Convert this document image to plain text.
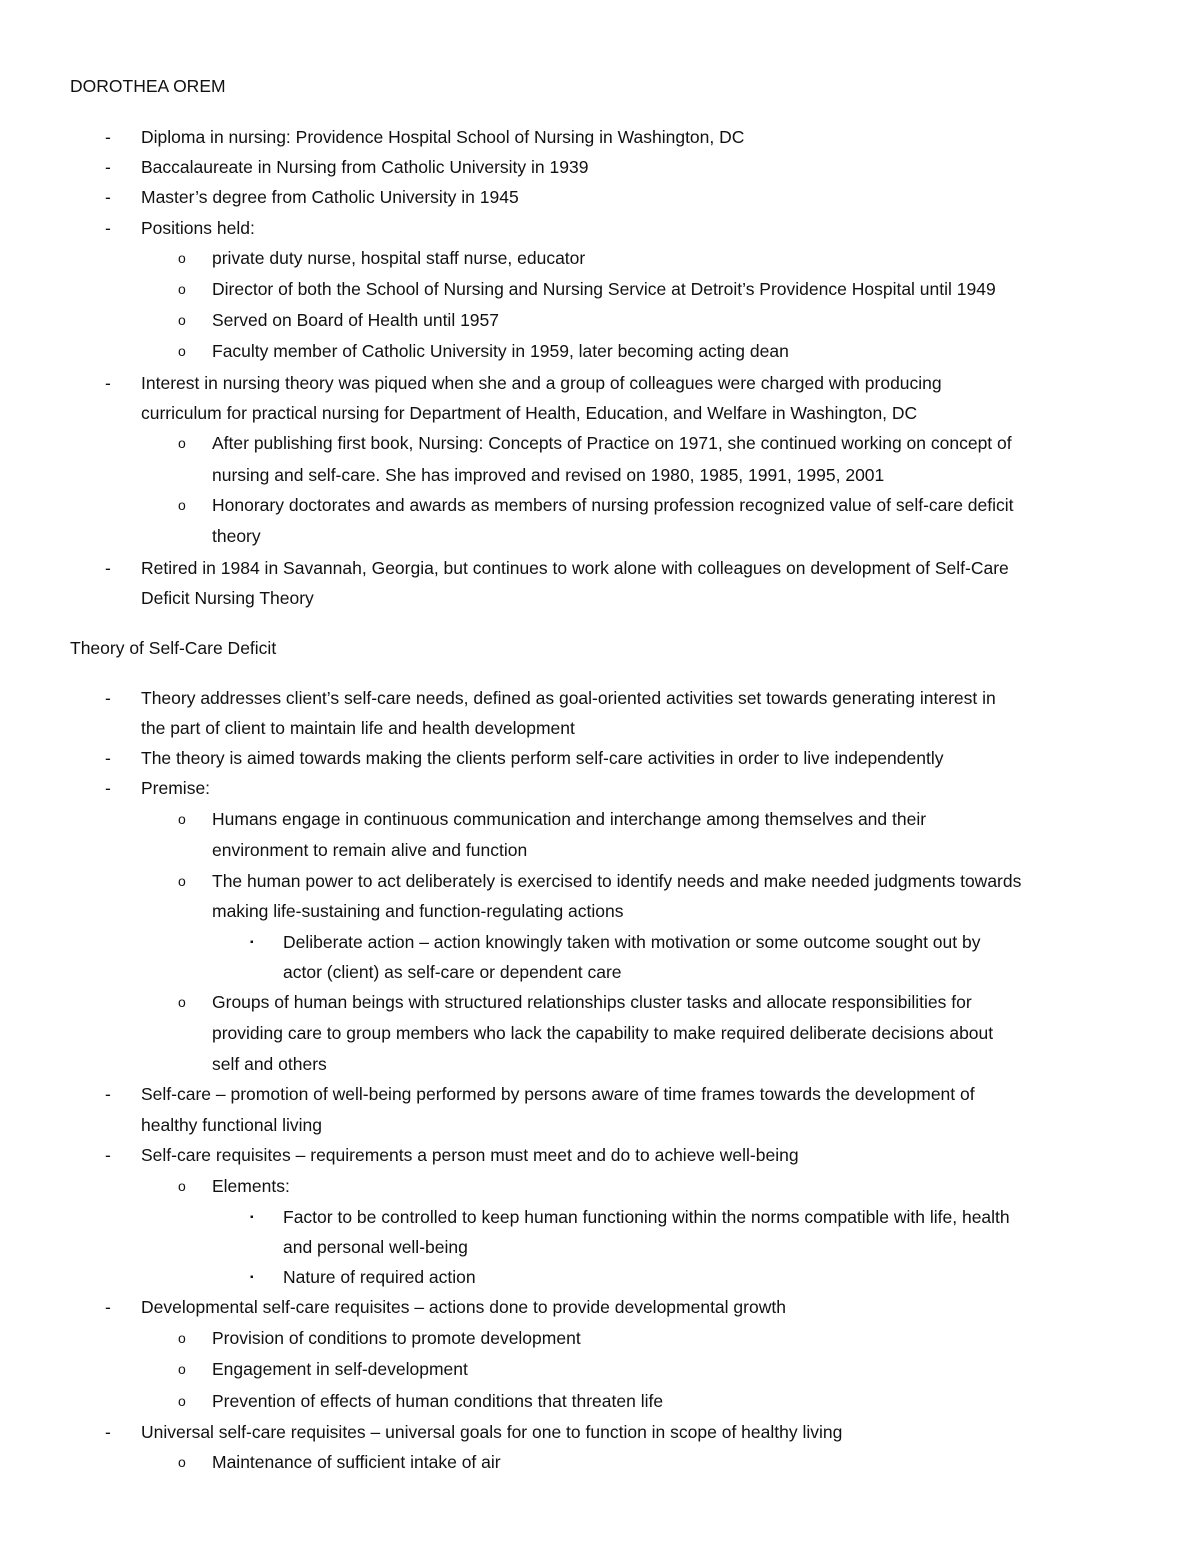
DOROTHEA OREM
- Diploma in nursing: Providence Hospital School of Nursing in Washington, DC
- Baccalaureate in Nursing from Catholic University in 1939
- Master’s degree from Catholic University in 1945
- Positions held:
o private duty nurse, hospital staff nurse, educator
o Director of both the School of Nursing and Nursing Service at Detroit’s Providence Hospital until 1949
o Served on Board of Health until 1957
o Faculty member of Catholic University in 1959, later becoming acting dean
- Interest in nursing theory was piqued when she and a group of colleagues were charged with producing
curriculum for practical nursing for Department of Health, Education, and Welfare in Washington, DC
o After publishing first book, Nursing: Concepts of Practice on 1971, she continued working on concept of
nursing and self-care. She has improved and revised on 1980, 1985, 1991, 1995, 2001
o Honorary doctorates and awards as members of nursing profession recognized value of self-care deficit
theory
- Retired in 1984 in Savannah, Georgia, but continues to work alone with colleagues on development of Self-Care
Deficit Nursing Theory
Theory of Self-Care Deficit
- Theory addresses client’s self-care needs, defined as goal-oriented activities set towards generating interest in
the part of client to maintain life and health development
- The theory is aimed towards making the clients perform self-care activities in order to live independently
- Premise:
o Humans engage in continuous communication and interchange among themselves and their
environment to remain alive and function
o The human power to act deliberately is exercised to identify needs and make needed judgments towards
making life-sustaining and function-regulating actions
▪ Deliberate action – action knowingly taken with motivation or some outcome sought out by
actor (client) as self-care or dependent care
o Groups of human beings with structured relationships cluster tasks and allocate responsibilities for
providing care to group members who lack the capability to make required deliberate decisions about
self and others
- Self-care – promotion of well-being performed by persons aware of time frames towards the development of
healthy functional living
- Self-care requisites – requirements a person must meet and do to achieve well-being
o Elements:
▪ Factor to be controlled to keep human functioning within the norms compatible with life, health
and personal well-being
▪ Nature of required action
- Developmental self-care requisites – actions done to provide developmental growth
o Provision of conditions to promote development
o Engagement in self-development
o Prevention of effects of human conditions that threaten life
- Universal self-care requisites – universal goals for one to function in scope of healthy living
o Maintenance of sufficient intake of air
